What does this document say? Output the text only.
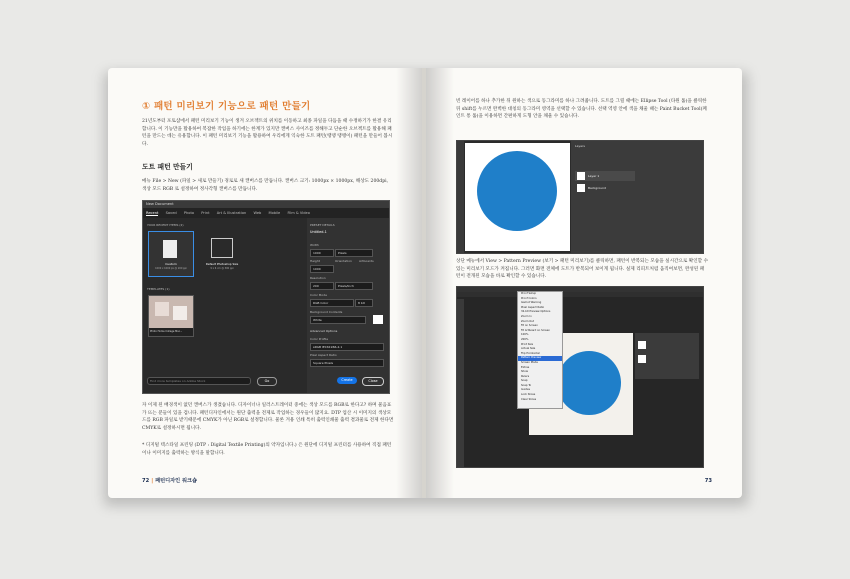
① 패턴 미리보기 기능으로 패턴 만들기
21년도부터 포토샵에서 패턴 미리보기 기능이 생겨 오브젝트의 위치를 이동하고 최종 파일을 다듬을 때 수정하기가 한결 유리합니다. 이 기능만을 활용하여 복잡한 작업을 하기에는 한계가 있지만 캔버스 사이즈를 정해두고 단순한 오브젝트를 활용해 패턴을 만드는 데는 유용합니다. 이 패턴 미리보기 기능을 활용하여 우리에게 익숙한 도트 패턴(땡땡 땡땡이) 패턴을 만들어 봅시다.
도트 패턴 만들기
메뉴 File > New (파일 > 새로 만들기) 경로로 새 캔버스를 만듭니다. 캔버스 크기: 1000px × 1000px, 해상도 200dpi, 색상 모드 RGB 로 설정하여 정사각형 캔버스를 만듭니다.
New Document
Recent Saved Photo Print Art & Illustration Web Mobile Film & Video
YOUR RECENT ITEMS (2)
Custom
1000 x 1000 px @ 200 ppi
Default Photoshop Size
9 x 6 cm @ 300 ppi
TEMPLATES (1)
Photo Home Collage Moo...
Find more templates on Adobe Stock	Go
PRESET DETAILS
Untitled-1
Width
1000	Pixels
Height
1000
Orientation Artboards
Resolution
200	Pixels/Inch
Color Mode
RGB Color	8 bit
Background Contents
White
Advanced Options
Color Profile
sRGB IEC61966-2.1
Pixel Aspect Ratio
Square Pixels
Create	Close
자 이제 된 배경색이 없던 캔버스가 생겼습니다. 디자이너나 일러스트레이터 중에는 색상 모드를 RGB로 한다고? 하며 물음표가 뜨는 분들이 있을 겁니다. 패턴디자인에서는 원단 출력을 전제로 작업하는 경우들이 많지요. DTP 업산 시 이미지의 색상모드를 RGB 파일로 받기때문에 CMYK가 아닌 RGB로 설정합니다. 물론 겨용 인쇄 특히 출력인쇄물 출력 결과물로 전제 한다면 CMYK로 설정하시면 됩니다.
* 디지털 텍스타일 프린팅 (DTP : Digital Textile Printing)의 약자입니다.) 은 원단에 디지털 프린터를 사용하여 직접 패턴이나 이미지를 출력하는 방식을 말합니다.
72 | 패턴디자인 워크숍
빈 레이어를 하나 추가한 뒤 원하는 색으로 동그라미를 하나 그려줍니다. 도트를 그릴 때에는 Ellipse Tool (타원 툴)을 클릭한 뒤 shift를 누르면 완벽한 대칭의 동그라미 영역을 선택할 수 있습니다. 선택 역영 안에 색을 채울 때는 Paint Bucket Tool(페인트 통 툴)을 이용하면 간편하게 도형 안을 채울 수 있습니다.
Layers
Layer 1
Background
상단 메뉴에서 View > Pattern Preview (보기 > 패턴 미리보기)를 클릭하면, 패턴이 반복되는 모습을 실시간으로 확인할 수 있는 미리보기 모드가 켜집니다. 그러면 화면 전체에 도트가 반복되어 보이게 됩니다. 실제 리피트처럼 움직여보면, 완성된 패턴이 전개된 모습을 바로 확인할 수 있습니다.
Proof Setup
Proof Colors
Gamut Warning
Pixel Aspect Ratio
32-bit Preview Options
Zoom In
Zoom Out
Fit on Screen
Fit Artboard on Screen
100%
200%
Print Size
Actual Size
Flip Horizontal
Pattern Preview
Screen Mode
Extras
Show
Rulers
Snap
Snap To
Guides
Lock Slices
Clear Slices
73
